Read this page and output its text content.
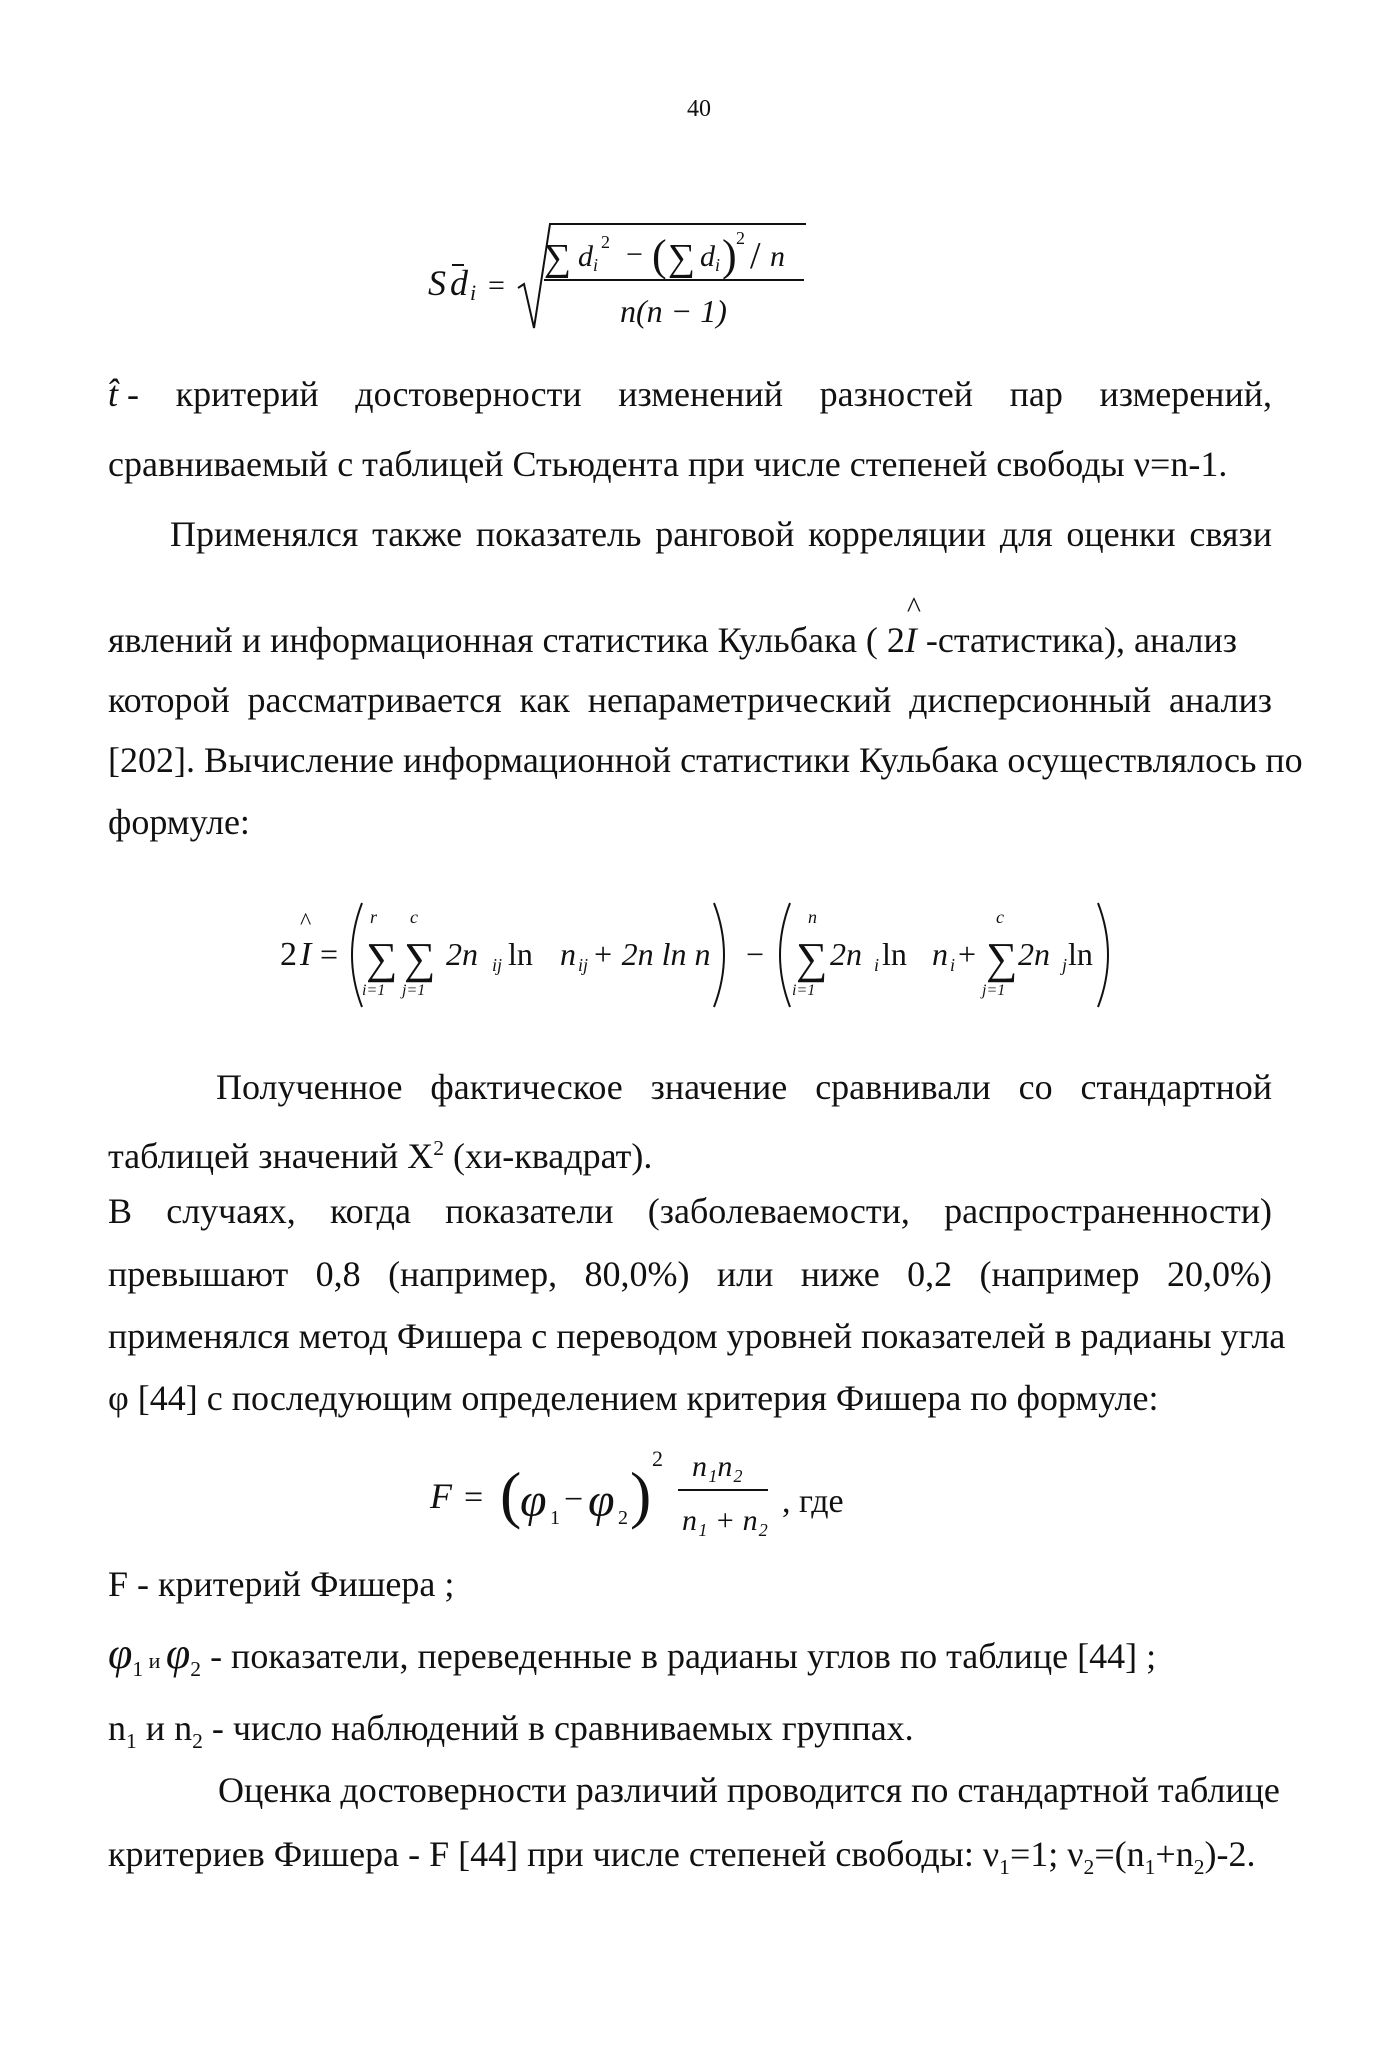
40
S d i =
∑ d i
2 − ( ∑ d i ) 2 / n
n(n − 1)
t̂ - критерий достоверности изменений разностей пар измерений,
сравниваемый с таблицей Стьюдента при числе степеней свободы ν=n-1.
Применялся также показатель ранговой корреляции для оценки связи
явлений и информационная статистика Кульбака ( 2
^
I -статистика), анализ
которой рассматривается как непараметрический дисперсионный анализ
[202]. Вычисление информационной статистики Кульбака осуществлялось по
формуле:
2
^
I =
r
∑
i=1
c
∑
j=1
2n ij ln n ij + 2n ln n −
n
∑
i=1
2n i ln n i +
c
∑
j=1
2n j ln
Полученное фактическое значение сравнивали со стандартной
таблицей значений $X^2$ (хи-квадрат).
В случаях, когда показатели (заболеваемости, распространенности)
превышают 0,8 (например, 80,0%) или ниже 0,2 (например 20,0%)
применялся метод Фишера с переводом уровней показателей в радианы угла
φ [44] с последующим определением критерия Фишера по формуле:
F = (
φ 1 − φ 2 )
2 n₁n₂
n₁ + n₂
, где
F - критерий Фишера ;
$\varphi_1$ и $\varphi_2$ - показатели, переведенные в радианы углов по таблице [44] ;
$n_1$ и $n_2$ - число наблюдений в сравниваемых группах.
Оценка достоверности различий проводится по стандартной таблице
критериев Фишера - F [44] при числе степеней свободы: $\nu_1=1$; $\nu_2=(n_1+n_2)-2$.
